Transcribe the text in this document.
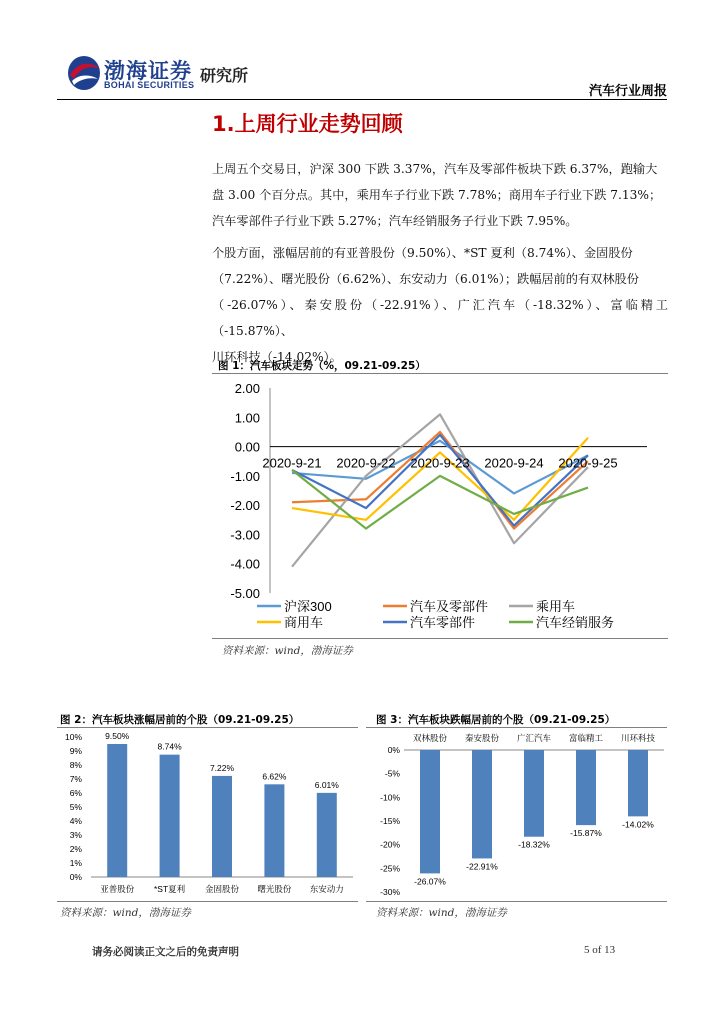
渤海证券
BOHAI SECURITIES 研究所
汽车行业周报
1.上周行业走势回顾

上周五个交易日，沪深 300 下跌 3.37%，汽车及零部件板块下跌 6.37%，跑输大

盘 3.00 个百分点。其中，乘用车子行业下跌 7.78%；商用车子行业下跌 7.13%；

汽车零部件子行业下跌 5.27%；汽车经销服务子行业下跌 7.95%。

个股方面，涨幅居前的有亚普股份（9.50%）、*ST 夏利（8.74%）、金固股份

（7.22%）、曙光股份（6.62%）、东安动力（6.01%）；跌幅居前的有双林股份

（-26.07%）、秦安股份（-22.91%）、广汇汽车（-18.32%）、富临精工（-15.87%）、

川环科技（-14.02%）。

图 1：汽车板块走势（%，09.21-09.25）
2.00
1.00
0.00
-1.00
-2.00
-3.00
-4.00
-5.00
2020-9-21 2020-9-22 2020-9-23 2020-9-24 2020-9-25
沪深300	汽车及零部件	乘用车
商用车	汽车零部件	汽车经销服务
资料来源：wind，渤海证券
图 2：汽车板块涨幅居前的个股（09.21-09.25）
10%
9%
8%
7%
6%
5%
4%
3%
2%
1%
0%
9.50%
亚普股份
8.74%
*ST夏利
7.22%
金固股份
6.62%
曙光股份
6.01%
东安动力
资料来源：wind，渤海证券
图 3：汽车板块跌幅居前的个股（09.21-09.25）
0%
-5%
-10%
-15%
-20%
-25%
-30%
双林股份
-26.07%
秦安股份
-22.91%
广汇汽车
-18.32%
富临精工
-15.87%
川环科技
-14.02%
资料来源：wind，渤海证券
请务必阅读正文之后的免责声明	5 of 13
